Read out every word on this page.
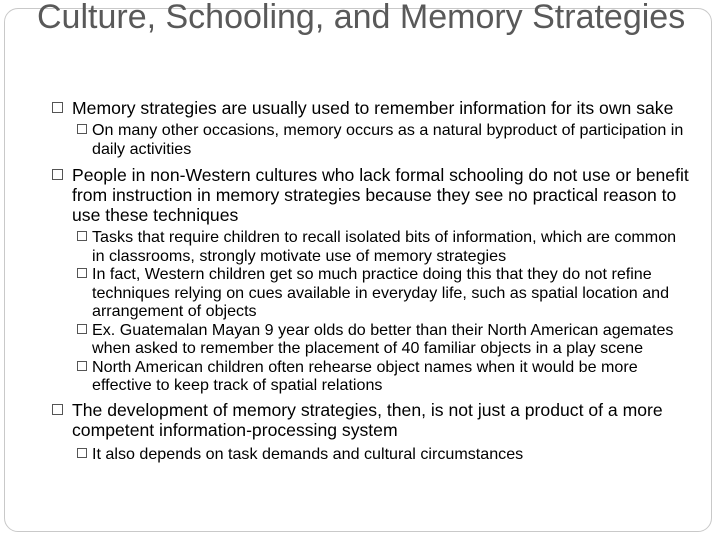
Culture, Schooling, and Memory Strategies
Memory strategies are usually used to remember information for its own sake
On many other occasions, memory occurs as a natural byproduct of participation in daily activities
People in non-Western cultures who lack formal schooling do not use or benefit from instruction in memory strategies because they see no practical reason to use these techniques
Tasks that require children to recall isolated bits of information, which are common in classrooms, strongly motivate use of memory strategies
In fact, Western children get so much practice doing this that they do not refine techniques relying on cues available in everyday life, such as spatial location and arrangement of objects
Ex. Guatemalan Mayan 9 year olds do better than their North American agemates when asked to remember the placement of 40 familiar objects in a play scene
North American children often rehearse object names when it would be more effective to keep track of spatial relations
The development of memory strategies, then, is not just a product of a more competent information-processing system
It also depends on task demands and cultural circumstances
